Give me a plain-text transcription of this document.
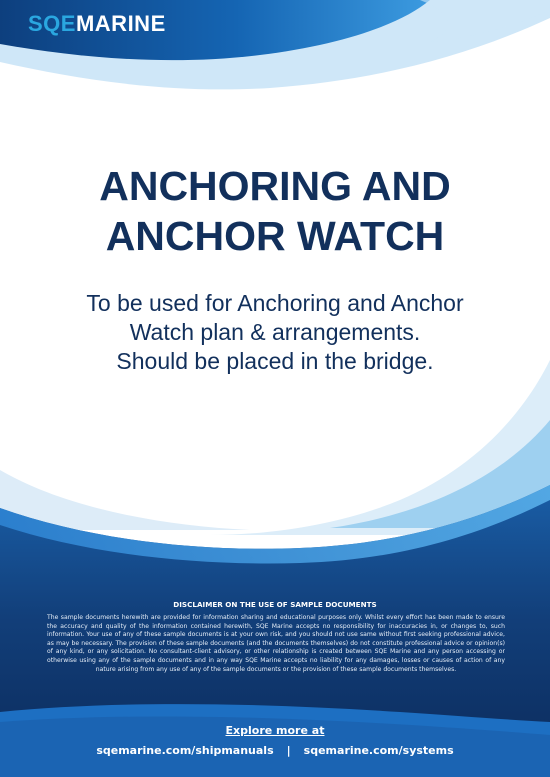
SQEMARINE
ANCHORING AND
ANCHOR WATCH

To be used for Anchoring and Anchor
Watch plan & arrangements.
Should be placed in the bridge.

DISCLAIMER ON THE USE OF SAMPLE DOCUMENTS

The sample documents herewith are provided for information sharing and educational purposes only. Whilst every effort has been made to ensure the accuracy and quality of the information contained herewith, SQE Marine accepts no responsibility for inaccuracies in, or changes to, such information. Your use of any of these sample documents is at your own risk, and you should not use same without first seeking professional advice, as may be necessary. The provision of these sample documents (and the documents themselves) do not constitute professional advice or opinion(s) of any kind, or any solicitation. No consultant-client advisory, or other relationship is created between SQE Marine and any person accessing or otherwise using any of the sample documents and in any way SQE Marine accepts no liability for any damages, losses or causes of action of any nature arising from any use of any of the sample documents or the provision of these sample documents themselves.

Explore more at
sqemarine.com/shipmanuals | sqemarine.com/systems
